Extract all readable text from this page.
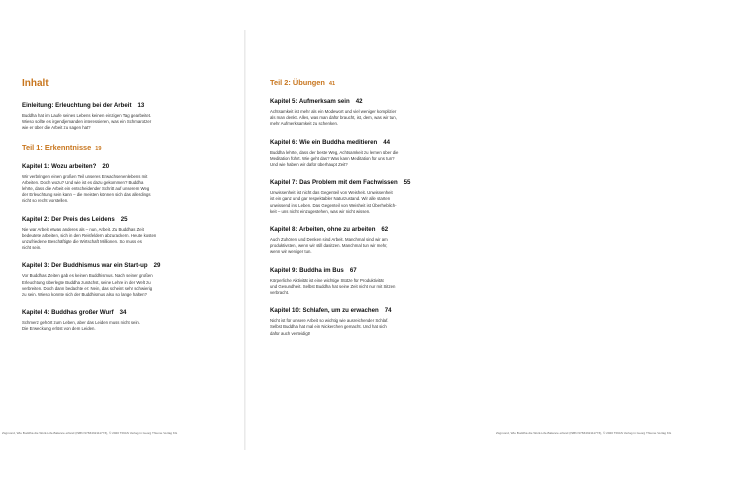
Inhalt
Einleitung: Erleuchtung bei der Arbeit 13
Buddha hat im Laufe seines Lebens keinen einzigen Tag gearbeitet.
Wieso sollte es irgendjemanden interessieren, was ein Schmarotzer
wie er über die Arbeit zu sagen hat?
Teil 1: Erkenntnisse 19
Kapitel 1: Wozu arbeiten? 20
Wir verbringen einen großen Teil unseres Erwachsenenlebens mit
Arbeiten. Doch wozu? Und wie ist es dazu gekommen? Buddha
lehrte, dass die Arbeit ein entscheidender Schritt auf unserem Weg
der Erleuchtung sein kann – die meisten können sich das allerdings
nicht so recht vorstellen.
Kapitel 2: Der Preis des Leidens 25
Nie war Arbeit etwas anderes als – nun, Arbeit. Zu Buddhas Zeit
bedeutete arbeiten, sich in den Reisfeldern abzurackern. Heute kosten
unzufriedene Beschäftigte die Wirtschaft Millionen. So muss es
nicht sein.
Kapitel 3: Der Buddhismus war ein Start-up 29
Vor Buddhas Zeiten gab es keinen Buddhismus. Nach seiner großen
Erleuchtung überlegte Buddha zunächst, seine Lehre in der Welt zu
verbreiten. Doch dann bedachte er: Nein, das scheint sehr schwierig
zu sein. Wieso konnte sich der Buddhismus also so lange halten?
Kapitel 4: Buddhas großer Wurf 34
Schmerz gehört zum Leben, aber das Leiden muss nicht sein.
Die Erweckung erlöst von dem Leiden.
Zsgmond, Wie Buddha die Work-Life-Balance erfand (ISBN 9783432111773), © 2020 TRIAS Verlag in Georg Thieme Verlag KG
Teil 2: Übungen 41
Kapitel 5: Aufmerksam sein 42
Achtsamkeit ist mehr als ein Modewort und viel weniger komplizier
als man denkt. Alles, was man dafür braucht, ist, dem, was wir tun,
mehr Aufmerksamkeit zu schenken.
Kapitel 6: Wie ein Buddha meditieren 44
Buddha lehrte, dass der beste Weg, Achtsamkeit zu lernen über die
Meditation führt. Wie geht das? Was kann Meditation für uns tun?
Und wie haben wir dafür überhaupt Zeit?
Kapitel 7: Das Problem mit dem Fachwissen 55
Unwissenheit ist nicht das Gegenteil von Weisheit. Unwissenheit
ist ein ganz und gar respektabler Naturzustand. Wir alle starten
unwissend ins Leben. Das Gegenteil von Weisheit ist Überheblich-
keit – uns nicht einzugestehen, was wir nicht wissen.
Kapitel 8: Arbeiten, ohne zu arbeiten 62
Auch Zuhören und Denken sind Arbeit. Manchmal sind wir am
produktivsten, wenn wir still dasitzen. Manchmal tun wir mehr,
wenn wir weniger tun.
Kapitel 9: Buddha im Bus 67
Körperliche Aktivität ist eine wichtige Stütze für Produktivität
und Gesundheit. Selbst Buddha hat seine Zeit nicht nur mit Sitzen
verbracht.
Kapitel 10: Schlafen, um zu erwachen 74
Nicht ist für unsere Arbeit so wichtig wie ausreichender Schlaf.
Selbst Buddha hat mal ein Nickerchen gemacht. Und hat sich
dafür auch verteidigt!
Zsgmond, Wie Buddha die Work-Life-Balance erfand (ISBN 9783432111773), © 2020 TRIAS Verlag in Georg Thieme Verlag KG
